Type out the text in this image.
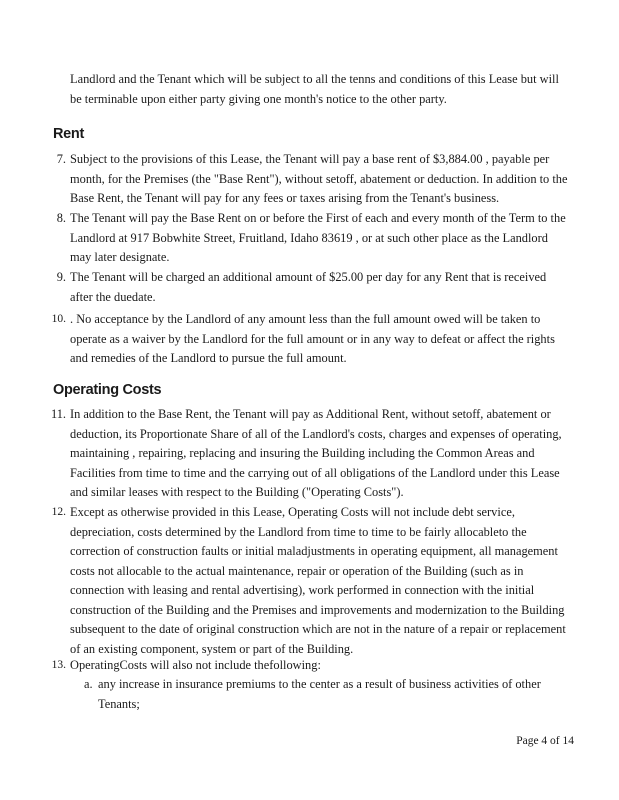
Landlord and the Tenant which will be subject to all the tenns and conditions of this Lease but will be terminable upon either party giving one month's notice to the other party.

Rent
7. Subject to the provisions of this Lease, the Tenant will pay a base rent of $3,884.00 , payable per month, for the Premises (the "Base Rent"), without setoff, abatement or deduction. In addition to the Base Rent, the Tenant will pay for any fees or taxes arising from the Tenant's business.
8. The Tenant will pay the Base Rent on or before the First of each and every month of the Term to the Landlord at 917 Bobwhite Street, Fruitland, Idaho 83619 , or at such other place as the Landlord may later designate.
9. The Tenant will be charged an additional amount of $25.00 per day for any Rent that is received after the duedate.
10. . No acceptance by the Landlord of any amount less than the full amount owed will be taken to operate as a waiver by the Landlord for the full amount or in any way to defeat or affect the rights and remedies of the Landlord to pursue the full amount.
Operating Costs
11. In addition to the Base Rent, the Tenant will pay as Additional Rent, without setoff, abatement or deduction, its Proportionate Share of all of the Landlord's costs, charges and expenses of operating, maintaining , repairing, replacing and insuring the Building including the Common Areas and Facilities from time to time and the carrying out of all obligations of the Landlord under this Lease and similar leases with respect to the Building ("Operating Costs").
12. Except as otherwise provided in this Lease, Operating Costs will not include debt service, depreciation, costs determined by the Landlord from time to time to be fairly allocableto the correction of construction faults or initial maladjustments in operating equipment, all management costs not allocable to the actual maintenance, repair or operation of the Building (such as in connection with leasing and rental advertising), work performed in connection with the initial construction of the Building and the Premises and improvements and modernization to the Building subsequent to the date of original construction which are not in the nature of a repair or replacement of an existing component, system or part of the Building.
13. OperatingCosts will also not include thefollowing:
a. any increase in insurance premiums to the center as a result of business activities of other Tenants;
Page 4 of 14
